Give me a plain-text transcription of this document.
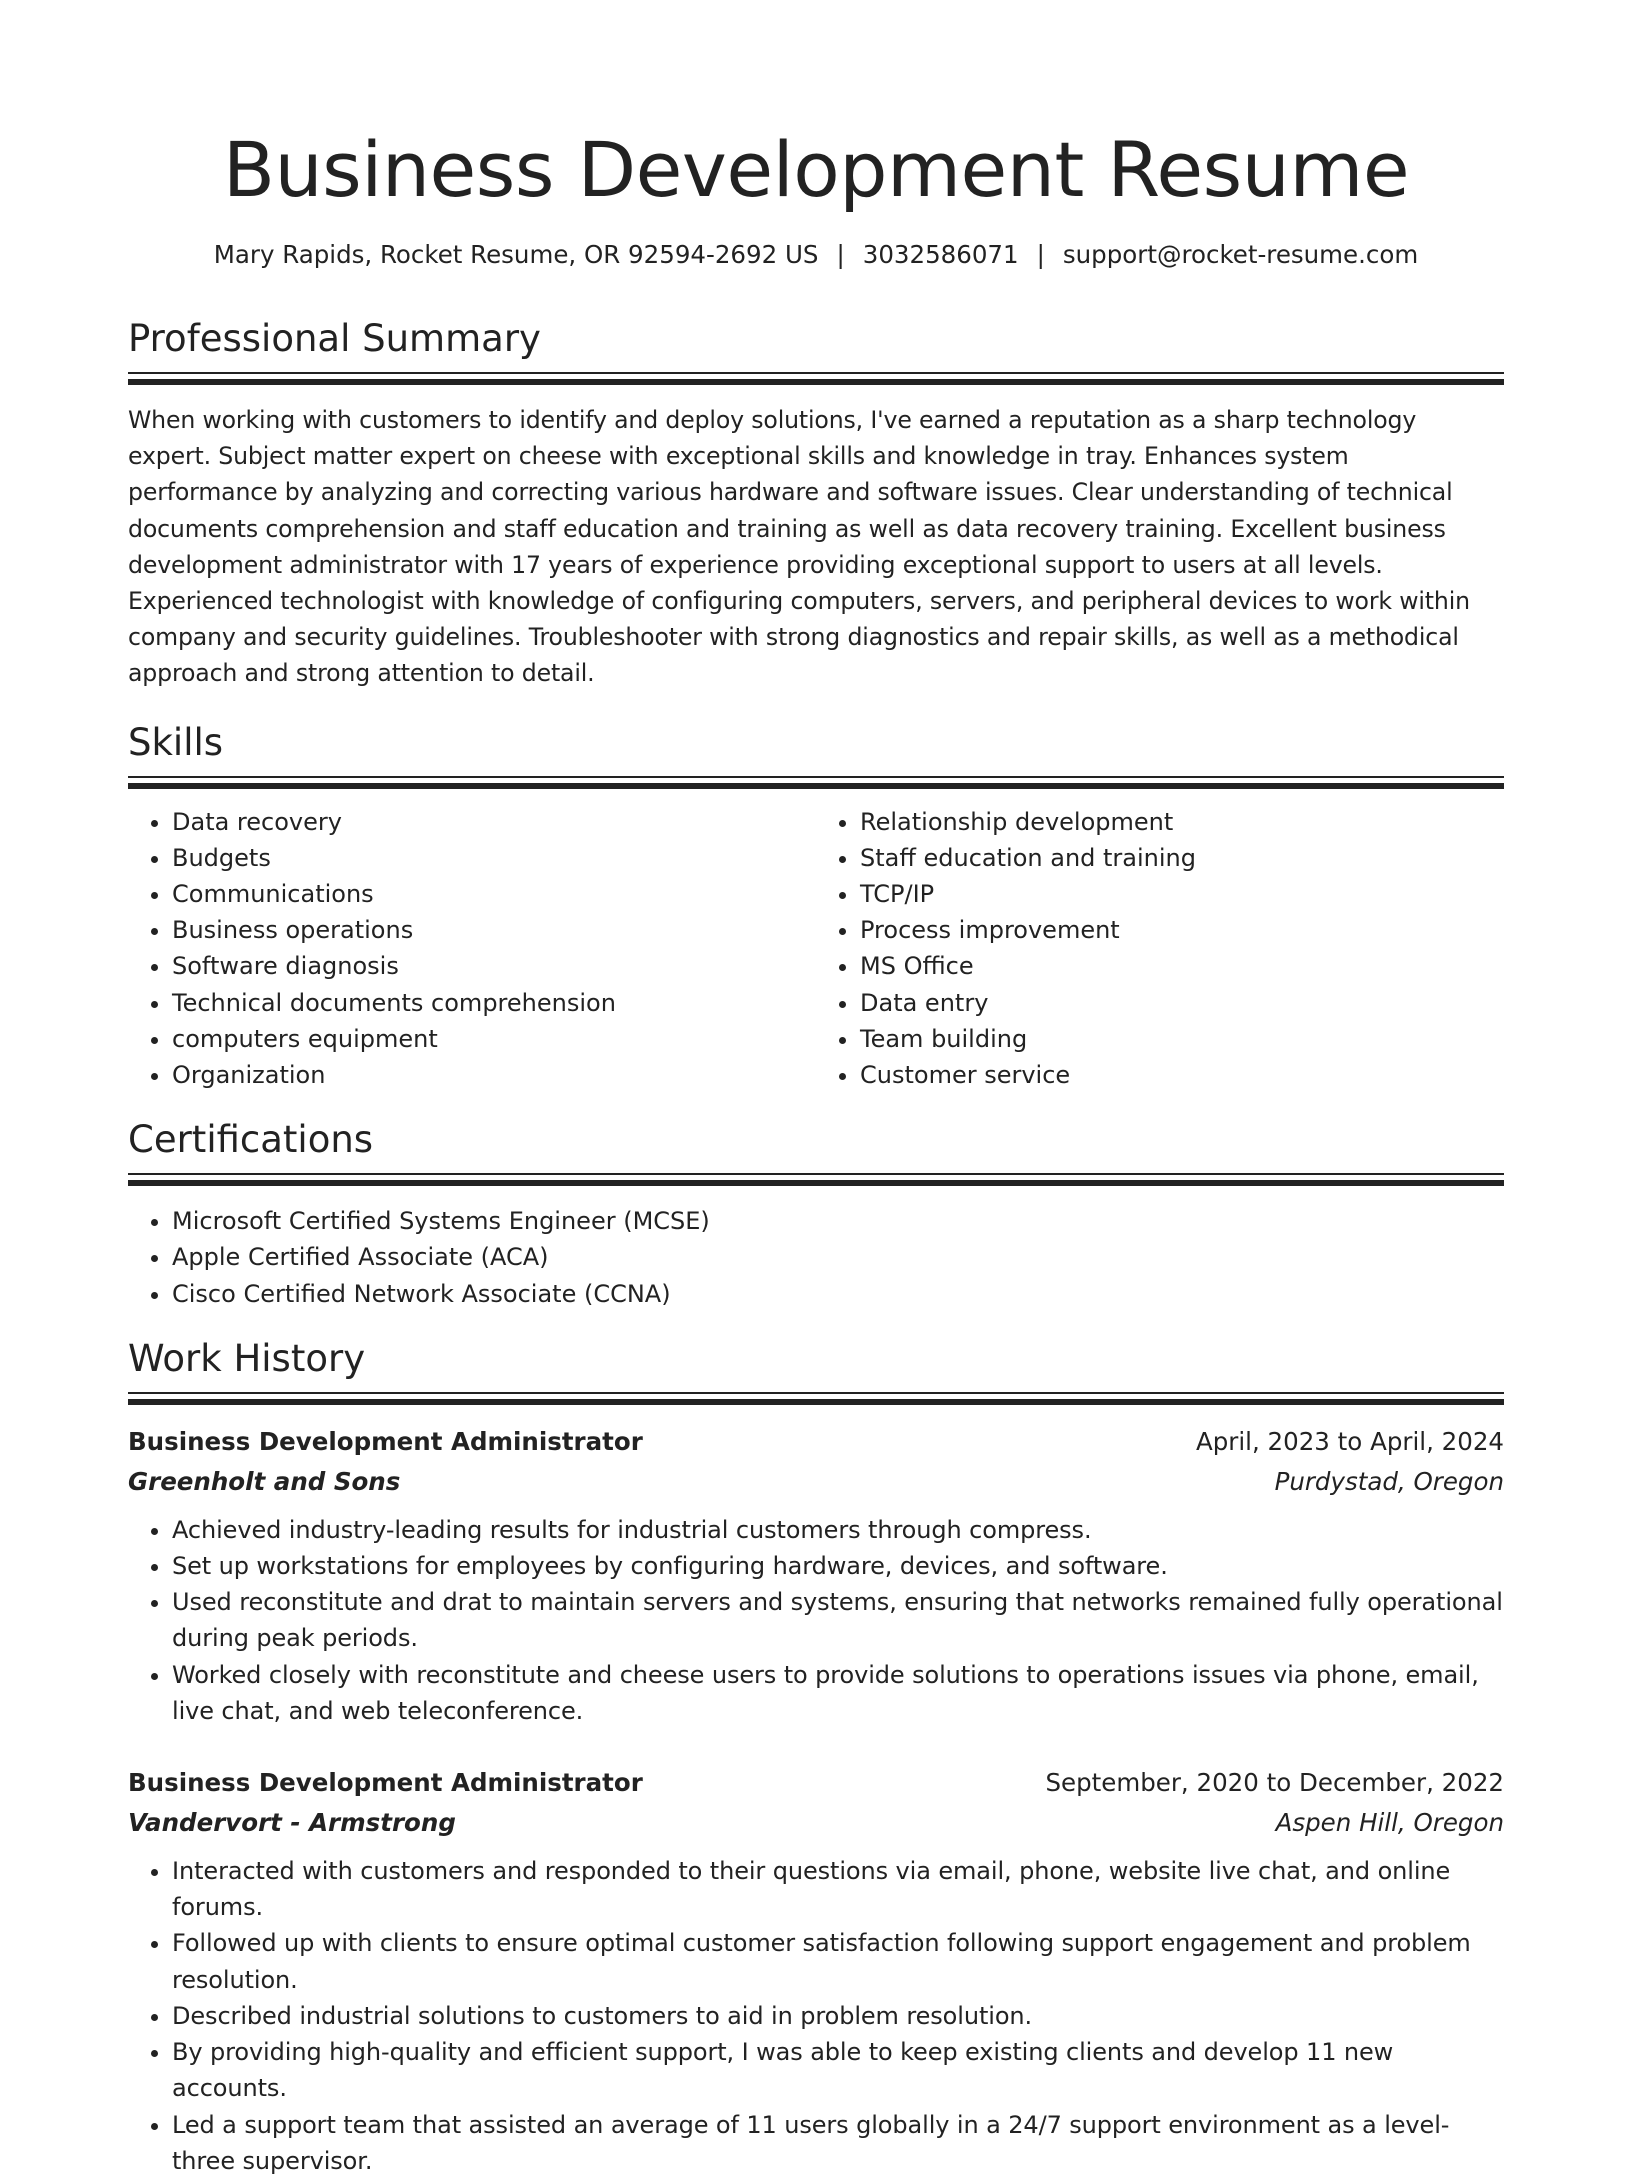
Business Development Resume
Mary Rapids, Rocket Resume, OR 92594-2692 US | 3032586071 | support@rocket-resume.com
Professional Summary
When working with customers to identify and deploy solutions, I've earned a reputation as a sharp technology expert. Subject matter expert on cheese with exceptional skills and knowledge in tray. Enhances system performance by analyzing and correcting various hardware and software issues. Clear understanding of technical documents comprehension and staff education and training as well as data recovery training. Excellent business development administrator with 17 years of experience providing exceptional support to users at all levels. Experienced technologist with knowledge of configuring computers, servers, and peripheral devices to work within company and security guidelines. Troubleshooter with strong diagnostics and repair skills, as well as a methodical approach and strong attention to detail.
Skills
• Data recovery
• Budgets
• Communications
• Business operations
• Software diagnosis
• Technical documents comprehension
• computers equipment
• Organization
• Relationship development
• Staff education and training
• TCP/IP
• Process improvement
• MS Office
• Data entry
• Team building
• Customer service
Certifications
• Microsoft Certified Systems Engineer (MCSE)
• Apple Certified Associate (ACA)
• Cisco Certified Network Associate (CCNA)
Work History
Business Development Administrator	April, 2023 to April, 2024
Greenholt and Sons	Purdystad, Oregon
• Achieved industry-leading results for industrial customers through compress.
• Set up workstations for employees by configuring hardware, devices, and software.
• Used reconstitute and drat to maintain servers and systems, ensuring that networks remained fully operational during peak periods.
• Worked closely with reconstitute and cheese users to provide solutions to operations issues via phone, email, live chat, and web teleconference.
Business Development Administrator	September, 2020 to December, 2022
Vandervort - Armstrong	Aspen Hill, Oregon
• Interacted with customers and responded to their questions via email, phone, website live chat, and online forums.
• Followed up with clients to ensure optimal customer satisfaction following support engagement and problem resolution.
• Described industrial solutions to customers to aid in problem resolution.
• By providing high-quality and efficient support, I was able to keep existing clients and develop 11 new accounts.
• Led a support team that assisted an average of 11 users globally in a 24/7 support environment as a level-three supervisor.
